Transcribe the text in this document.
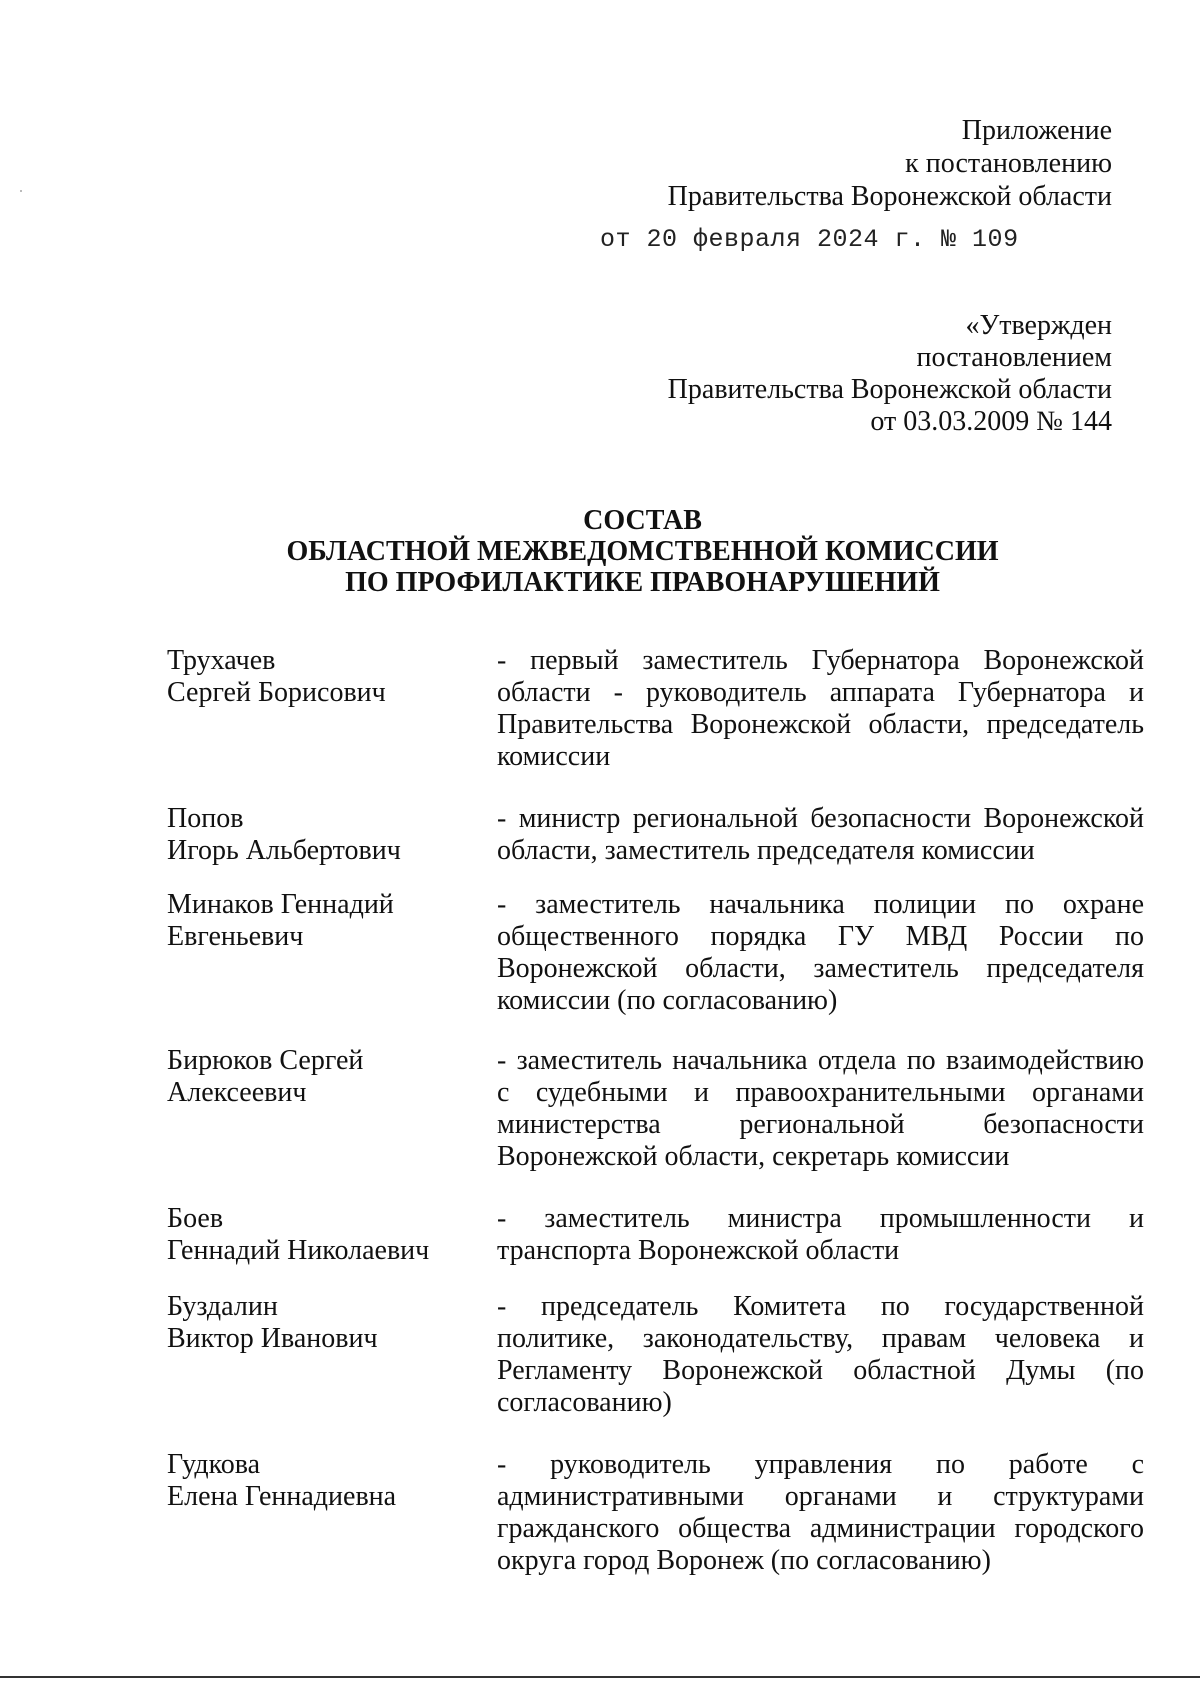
Приложение
к постановлению
Правительства Воронежской области
от 20 февраля 2024 г. № 109
«Утвержден
постановлением
Правительства Воронежской области
от 03.03.2009 № 144
СОСТАВ
ОБЛАСТНОЙ МЕЖВЕДОМСТВЕННОЙ КОМИССИИ
ПО ПРОФИЛАКТИКЕ ПРАВОНАРУШЕНИЙ
Трухачев
Сергей Борисович
- первый заместитель Губернатора Воронежской области - руководитель аппарата Губернатора и Правительства Воронежской области, председатель комиссии
Попов
Игорь Альбертович
- министр региональной безопасности Воронежской области, заместитель председателя комиссии
Минаков Геннадий
Евгеньевич
- заместитель начальника полиции по охране общественного порядка ГУ МВД России по Воронежской области, заместитель председателя комиссии (по согласованию)
Бирюков Сергей
Алексеевич
- заместитель начальника отдела по взаимодействию с судебными и правоохранительными органами министерства региональной безопасности Воронежской области, секретарь комиссии
Боев
Геннадий Николаевич
- заместитель министра промышленности и транспорта Воронежской области
Буздалин
Виктор Иванович
- председатель Комитета по государственной политике, законодательству, правам человека и Регламенту Воронежской областной Думы (по согласованию)
Гудкова
Елена Геннадиевна
- руководитель управления по работе с административными органами и структурами гражданского общества администрации городского округа город Воронеж (по согласованию)
